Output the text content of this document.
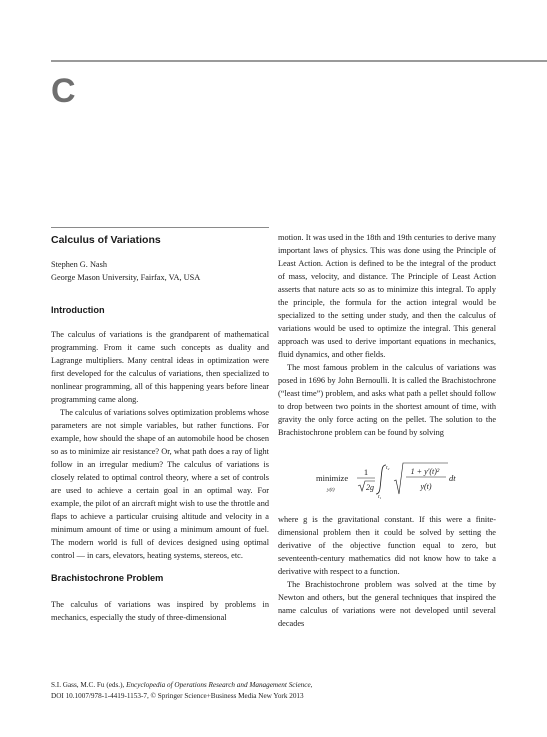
C
Calculus of Variations

Stephen G. Nash

George Mason University, Fairfax, VA, USA

Introduction

The calculus of variations is the grandparent of mathematical programming. From it came such concepts as duality and Lagrange multipliers. Many central ideas in optimization were first developed for the calculus of variations, then specialized to nonlinear programming, all of this happening years before linear programming came along.

The calculus of variations solves optimization problems whose parameters are not simple variables, but rather functions. For example, how should the shape of an automobile hood be chosen so as to minimize air resistance? Or, what path does a ray of light follow in an irregular medium? The calculus of variations is closely related to optimal control theory, where a set of controls are used to achieve a certain goal in an optimal way. For example, the pilot of an aircraft might wish to use the throttle and flaps to achieve a particular cruising altitude and velocity in a minimum amount of time or using a minimum amount of fuel. The modern world is full of devices designed using optimal control — in cars, elevators, heating systems, stereos, etc.

Brachistochrone Problem

The calculus of variations was inspired by problems in mechanics, especially the study of three-dimensional

motion. It was used in the 18th and 19th centuries to derive many important laws of physics. This was done using the Principle of Least Action. Action is defined to be the integral of the product of mass, velocity, and distance. The Principle of Least Action asserts that nature acts so as to minimize this integral. To apply the principle, the formula for the action integral would be specialized to the setting under study, and then the calculus of variations would be used to optimize the integral. This general approach was used to derive important equations in mechanics, fluid dynamics, and other fields.

The most famous problem in the calculus of variations was posed in 1696 by John Bernoulli. It is called the Brachistochrone (“least time”) problem, and asks what path a pellet should follow to drop between two points in the shortest amount of time, with gravity the only force acting on the pellet. The solution to the Brachistochrone problem can be found by solving

minimize
y(t)
1
2g
t₂
t₁
1 + y′(t)²
y(t)
dt

where g is the gravitational constant. If this were a finite-dimensional problem then it could be solved by setting the derivative of the objective function equal to zero, but seventeenth-century mathematics did not know how to take a derivative with respect to a function.

The Brachistochrone problem was solved at the time by Newton and others, but the general techniques that inspired the name calculus of variations were not developed until several decades

S.I. Gass, M.C. Fu (eds.), Encyclopedia of Operations Research and Management Science,
DOI 10.1007/978-1-4419-1153-7, © Springer Science+Business Media New York 2013
